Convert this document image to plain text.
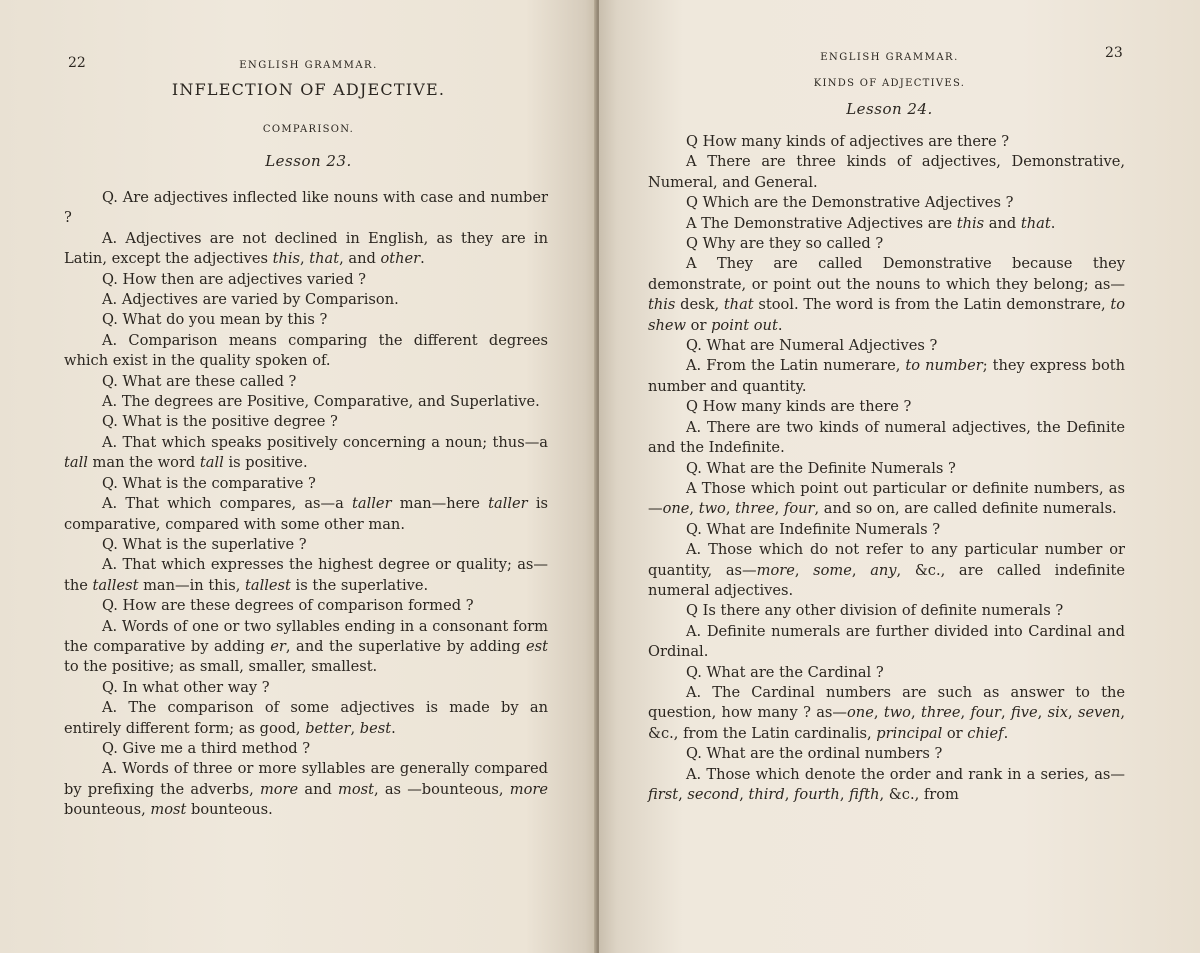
22	ENGLISH GRAMMAR.
INFLECTION OF ADJECTIVE.
COMPARISON.
Lesson 23.

Q. Are adjectives inflected like nouns with case and number ?

A. Adjectives are not declined in English, as they are in Latin, except the adjectives this, that, and other.

Q. How then are adjectives varied ?

A. Adjectives are varied by Comparison.

Q. What do you mean by this ?

A. Comparison means comparing the different degrees which exist in the quality spoken of.

Q. What are these called ?

A. The degrees are Positive, Comparative, and Superlative.

Q. What is the positive degree ?

A. That which speaks positively concerning a noun; thus—a tall man the word tall is positive.

Q. What is the comparative ?

A. That which compares, as—a taller man—here taller is comparative, compared with some other man.

Q. What is the superlative ?

A. That which expresses the highest degree or quality; as—the tallest man—in this, tallest is the superlative.

Q. How are these degrees of comparison formed ?

A. Words of one or two syllables ending in a consonant form the comparative by adding er, and the superlative by adding est to the positive; as small, smaller, smallest.

Q. In what other way ?

A. The comparison of some adjectives is made by an entirely different form; as good, better, best.

Q. Give me a third method ?

A. Words of three or more syllables are generally compared by prefixing the adverbs, more and most, as —bounteous, more bounteous, most bounteous.

23
ENGLISH GRAMMAR.
KINDS OF ADJECTIVES.
Lesson 24.

Q How many kinds of adjectives are there ?

A There are three kinds of adjectives, Demonstrative, Numeral, and General.

Q Which are the Demonstrative Adjectives ?

A The Demonstrative Adjectives are this and that.

Q Why are they so called ?

A They are called Demonstrative because they demonstrate, or point out the nouns to which they belong; as—this desk, that stool. The word is from the Latin demonstrare, to shew or point out.

Q. What are Numeral Adjectives ?

A. From the Latin numerare, to number; they express both number and quantity.

Q How many kinds are there ?

A. There are two kinds of numeral adjectives, the Definite and the Indefinite.

Q. What are the Definite Numerals ?

A Those which point out particular or definite numbers, as—one, two, three, four, and so on, are called definite numerals.

Q. What are Indefinite Numerals ?

A. Those which do not refer to any particular number or quantity, as—more, some, any, &c., are called indefinite numeral adjectives.

Q Is there any other division of definite numerals ?

A. Definite numerals are further divided into Cardinal and Ordinal.

Q. What are the Cardinal ?

A. The Cardinal numbers are such as answer to the question, how many ? as—one, two, three, four, five, six, seven, &c., from the Latin cardinalis, principal or chief.

Q. What are the ordinal numbers ?

A. Those which denote the order and rank in a series, as—first, second, third, fourth, fifth, &c., from
